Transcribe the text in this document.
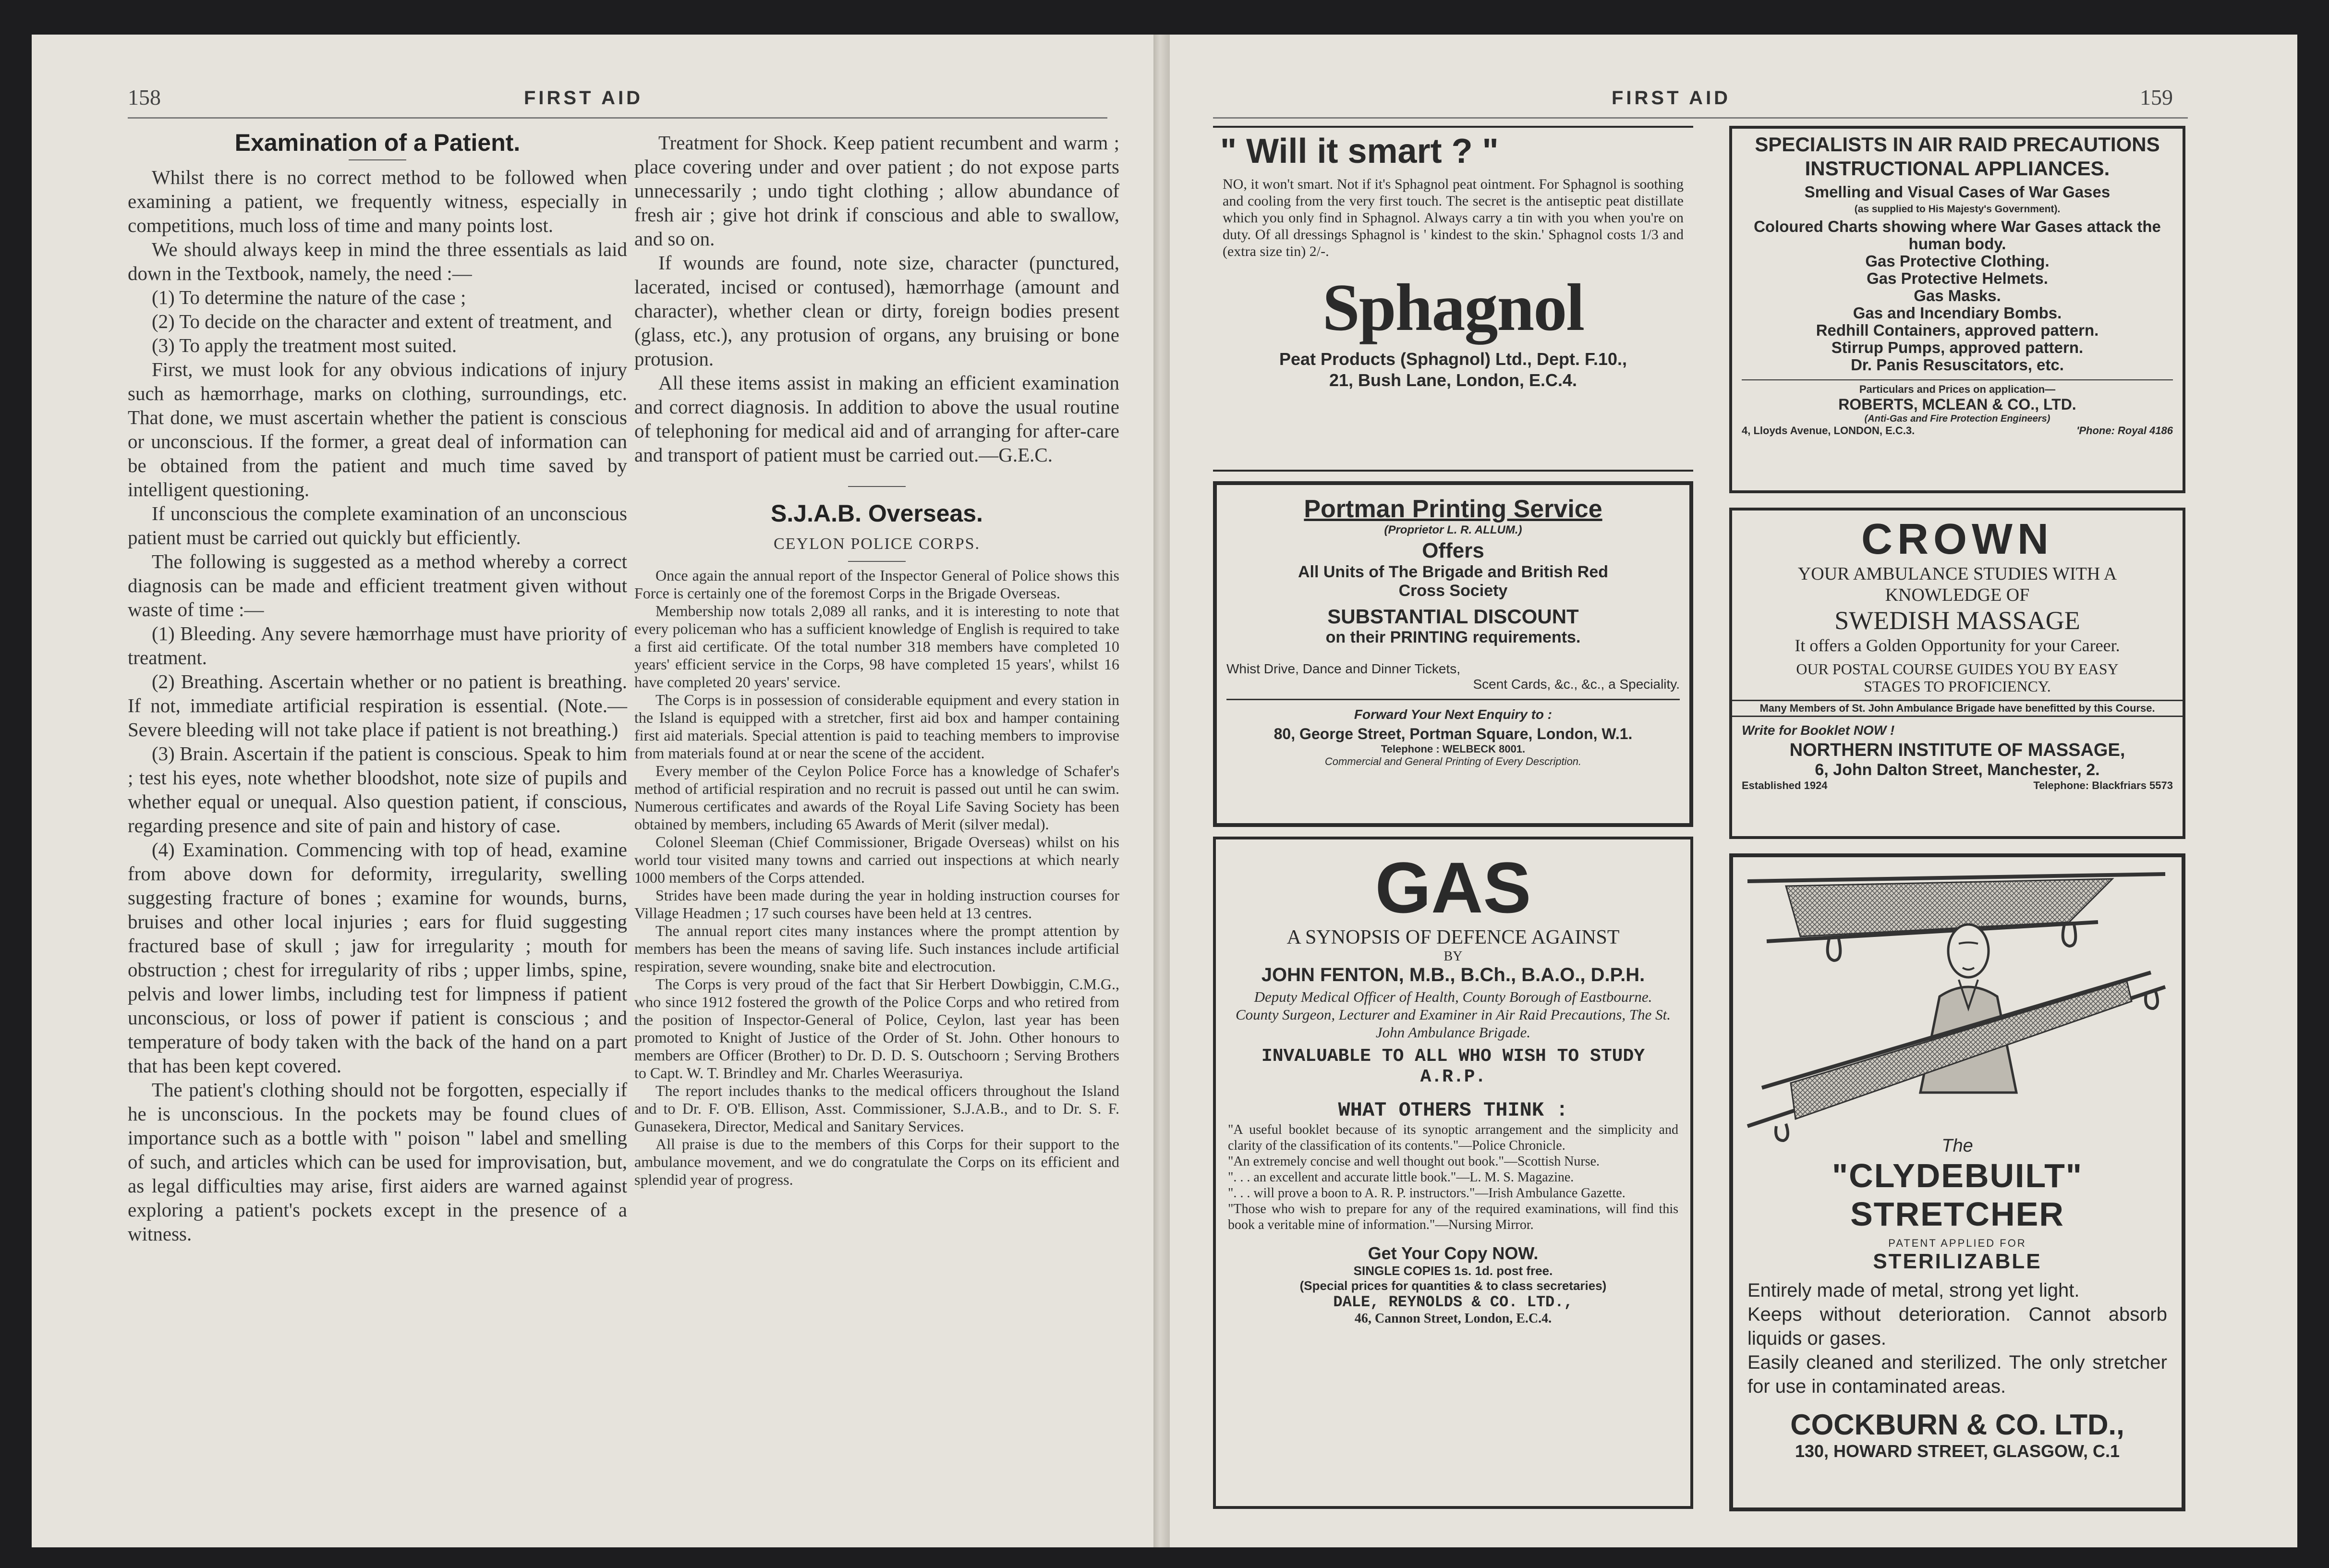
158	FIRST AID
Examination of a Patient.

Whilst there is no correct method to be followed when examining a patient, we frequently witness, especially in competitions, much loss of time and many points lost.

We should always keep in mind the three essentials as laid down in the Textbook, namely, the need :—

(1) To determine the nature of the case ;

(2) To decide on the character and extent of treatment, and

(3) To apply the treatment most suited.

First, we must look for any obvious indications of injury such as hæmorrhage, marks on clothing, surroundings, etc. That done, we must ascertain whether the patient is conscious or unconscious. If the former, a great deal of information can be obtained from the patient and much time saved by intelligent questioning.

If unconscious the complete examination of an unconscious patient must be carried out quickly but efficiently.

The following is suggested as a method whereby a correct diagnosis can be made and efficient treatment given without waste of time :—

(1) Bleeding. Any severe hæmorrhage must have priority of treatment.

(2) Breathing. Ascertain whether or no patient is breathing. If not, immediate artificial respiration is essential. (Note.—Severe bleeding will not take place if patient is not breathing.)

(3) Brain. Ascertain if the patient is conscious. Speak to him ; test his eyes, note whether bloodshot, note size of pupils and whether equal or unequal. Also question patient, if conscious, regarding presence and site of pain and history of case.

(4) Examination. Commencing with top of head, examine from above down for deformity, irregularity, swelling suggesting fracture of bones ; examine for wounds, burns, bruises and other local injuries ; ears for fluid suggesting fractured base of skull ; jaw for irregularity ; mouth for obstruction ; chest for irregularity of ribs ; upper limbs, spine, pelvis and lower limbs, including test for limpness if patient unconscious, or loss of power if patient is conscious ; and temperature of body taken with the back of the hand on a part that has been kept covered.

The patient's clothing should not be forgotten, especially if he is unconscious. In the pockets may be found clues of importance such as a bottle with " poison " label and smelling of such, and articles which can be used for improvisation, but, as legal difficulties may arise, first aiders are warned against exploring a patient's pockets except in the presence of a witness.

Treatment for Shock. Keep patient recumbent and warm ; place covering under and over patient ; do not expose parts unnecessarily ; undo tight clothing ; allow abundance of fresh air ; give hot drink if conscious and able to swallow, and so on.

If wounds are found, note size, character (punctured, lacerated, incised or contused), hæmorrhage (amount and character), whether clean or dirty, foreign bodies present (glass, etc.), any protusion of organs, any bruising or bone protusion.

All these items assist in making an efficient examination and correct diagnosis. In addition to above the usual routine of telephoning for medical aid and of arranging for after-care and transport of patient must be carried out.—G.E.C.

S.J.A.B. Overseas.
CEYLON POLICE CORPS.

Once again the annual report of the Inspector General of Police shows this Force is certainly one of the foremost Corps in the Brigade Overseas.

Membership now totals 2,089 all ranks, and it is interesting to note that every policeman who has a sufficient knowledge of English is required to take a first aid certificate. Of the total number 318 members have completed 10 years' efficient service in the Corps, 98 have completed 15 years', whilst 16 have completed 20 years' service.

The Corps is in possession of considerable equipment and every station in the Island is equipped with a stretcher, first aid box and hamper containing first aid materials. Special attention is paid to teaching members to improvise from materials found at or near the scene of the accident.

Every member of the Ceylon Police Force has a knowledge of Schafer's method of artificial respiration and no recruit is passed out until he can swim. Numerous certificates and awards of the Royal Life Saving Society has been obtained by members, including 65 Awards of Merit (silver medal).

Colonel Sleeman (Chief Commissioner, Brigade Overseas) whilst on his world tour visited many towns and carried out inspections at which nearly 1000 members of the Corps attended.

Strides have been made during the year in holding instruction courses for Village Headmen ; 17 such courses have been held at 13 centres.

The annual report cites many instances where the prompt attention by members has been the means of saving life. Such instances include artificial respiration, severe wounding, snake bite and electrocution.

The Corps is very proud of the fact that Sir Herbert Dowbiggin, C.M.G., who since 1912 fostered the growth of the Police Corps and who retired from the position of Inspector-General of Police, Ceylon, last year has been promoted to Knight of Justice of the Order of St. John. Other honours to members are Officer (Brother) to Dr. D. D. S. Outschoorn ; Serving Brothers to Capt. W. T. Brindley and Mr. Charles Weerasuriya.

The report includes thanks to the medical officers throughout the Island and to Dr. F. O'B. Ellison, Asst. Commissioner, S.J.A.B., and to Dr. S. F. Gunasekera, Director, Medical and Sanitary Services.

All praise is due to the members of this Corps for their support to the ambulance movement, and we do congratulate the Corps on its efficient and splendid year of progress.

FIRST AID	159
" Will it smart ? "
NO, it won't smart. Not if it's Sphagnol peat ointment. For Sphagnol is soothing and cooling from the very first touch. The secret is the antiseptic peat distillate which you only find in Sphagnol. Always carry a tin with you when you're on duty. Of all dressings Sphagnol is ' kindest to the skin.' Sphagnol costs 1/3 and (extra size tin) 2/-.
Sphagnol
Peat Products (Sphagnol) Ltd., Dept. F.10.,
21, Bush Lane, London, E.C.4.
Portman Printing Service
(Proprietor L. R. ALLUM.)
Offers
All Units of The Brigade and British Red Cross Society
SUBSTANTIAL DISCOUNT
on their PRINTING requirements.
Whist Drive, Dance and Dinner Tickets,
Scent Cards, &c., &c., a Speciality.
Forward Your Next Enquiry to :
80, George Street, Portman Square, London, W.1.
Telephone : WELBECK 8001.
Commercial and General Printing of Every Description.
GAS
A SYNOPSIS OF DEFENCE AGAINST
BY
JOHN FENTON, M.B., B.Ch., B.A.O., D.P.H.
Deputy Medical Officer of Health, County Borough of Eastbourne. County Surgeon, Lecturer and Examiner in Air Raid Precautions, The St. John Ambulance Brigade.
INVALUABLE TO ALL WHO WISH TO STUDY A.R.P.
WHAT OTHERS THINK :
"A useful booklet because of its synoptic arrangement and the simplicity and clarity of the classification of its contents."—Police Chronicle.
"An extremely concise and well thought out book."—Scottish Nurse.
". . . an excellent and accurate little book."—L. M. S. Magazine.
". . . will prove a boon to A. R. P. instructors."—Irish Ambulance Gazette.
"Those who wish to prepare for any of the required examinations, will find this book a veritable mine of information."—Nursing Mirror.
Get Your Copy NOW.
SINGLE COPIES 1s. 1d. post free.
(Special prices for quantities & to class secretaries)
DALE, REYNOLDS & CO. LTD.,
46, Cannon Street, London, E.C.4.
SPECIALISTS IN AIR RAID PRECAUTIONS INSTRUCTIONAL APPLIANCES.
Smelling and Visual Cases of War Gases
(as supplied to His Majesty's Government).
Coloured Charts showing where War Gases attack the human body.
Gas Protective Clothing.
Gas Protective Helmets.
Gas Masks.
Gas and Incendiary Bombs.
Redhill Containers, approved pattern.
Stirrup Pumps, approved pattern.
Dr. Panis Resuscitators, etc.
Particulars and Prices on application—
ROBERTS, MCLEAN & CO., LTD.
(Anti-Gas and Fire Protection Engineers)
4, Lloyds Avenue, LONDON, E.C.3.	'Phone: Royal 4186
CROWN
YOUR AMBULANCE STUDIES WITH A KNOWLEDGE OF
SWEDISH MASSAGE
It offers a Golden Opportunity for your Career.
OUR POSTAL COURSE GUIDES YOU BY EASY STAGES TO PROFICIENCY.
Many Members of St. John Ambulance Brigade have benefitted by this Course.
Write for Booklet NOW !
NORTHERN INSTITUTE OF MASSAGE,
6, John Dalton Street, Manchester, 2.
Established 1924	Telephone: Blackfriars 5573
The
"CLYDEBUILT" STRETCHER
PATENT APPLIED FOR
STERILIZABLE
Entirely made of metal, strong yet light.
Keeps without deterioration. Cannot absorb liquids or gases.
Easily cleaned and sterilized. The only stretcher for use in contaminated areas.
COCKBURN & CO. LTD.,
130, HOWARD STREET, GLASGOW, C.1
